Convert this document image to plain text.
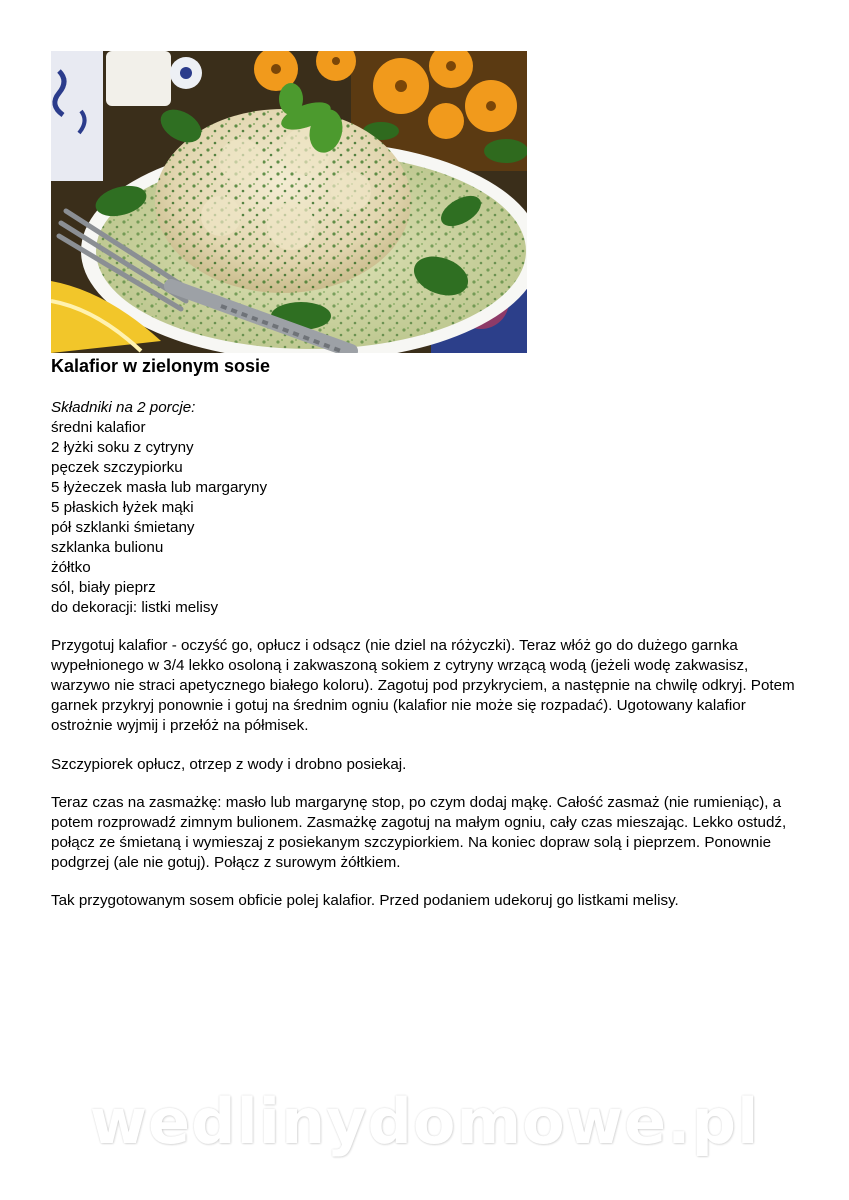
Kalafior w zielonym sosie
Składniki na 2 porcje:
średni kalafior
2 łyżki soku z cytryny
pęczek szczypiorku
5 łyżeczek masła lub margaryny
5 płaskich łyżek mąki
pół szklanki śmietany
szklanka bulionu
żółtko
sól, biały pieprz
do dekoracji: listki melisy

Przygotuj kalafior - oczyść go, opłucz i odsącz (nie dziel na różyczki). Teraz włóż go do dużego garnka wypełnionego w 3/4 lekko osoloną i zakwaszoną sokiem z cytryny wrzącą wodą (jeżeli wodę zakwasisz, warzywo nie straci apetycznego białego koloru). Zagotuj pod przykryciem, a następnie na chwilę odkryj. Potem garnek przykryj ponownie i gotuj na średnim ogniu (kalafior nie może się rozpadać). Ugotowany kalafior ostrożnie wyjmij i przełóż na półmisek.

Szczypiorek opłucz, otrzep z wody i drobno posiekaj.

Teraz czas na zasmażkę: masło lub margarynę stop, po czym dodaj mąkę. Całość zasmaż (nie rumieniąc), a potem rozprowadź zimnym bulionem. Zasmażkę zagotuj na małym ogniu, cały czas mieszając. Lekko ostudź, połącz ze śmietaną i wymieszaj z posiekanym szczypiorkiem. Na koniec dopraw solą i pieprzem. Ponownie podgrzej (ale nie gotuj). Połącz z surowym żółtkiem.

Tak przygotowanym sosem obficie polej kalafior. Przed podaniem udekoruj go listkami melisy.

wedlinydomowe.pl
